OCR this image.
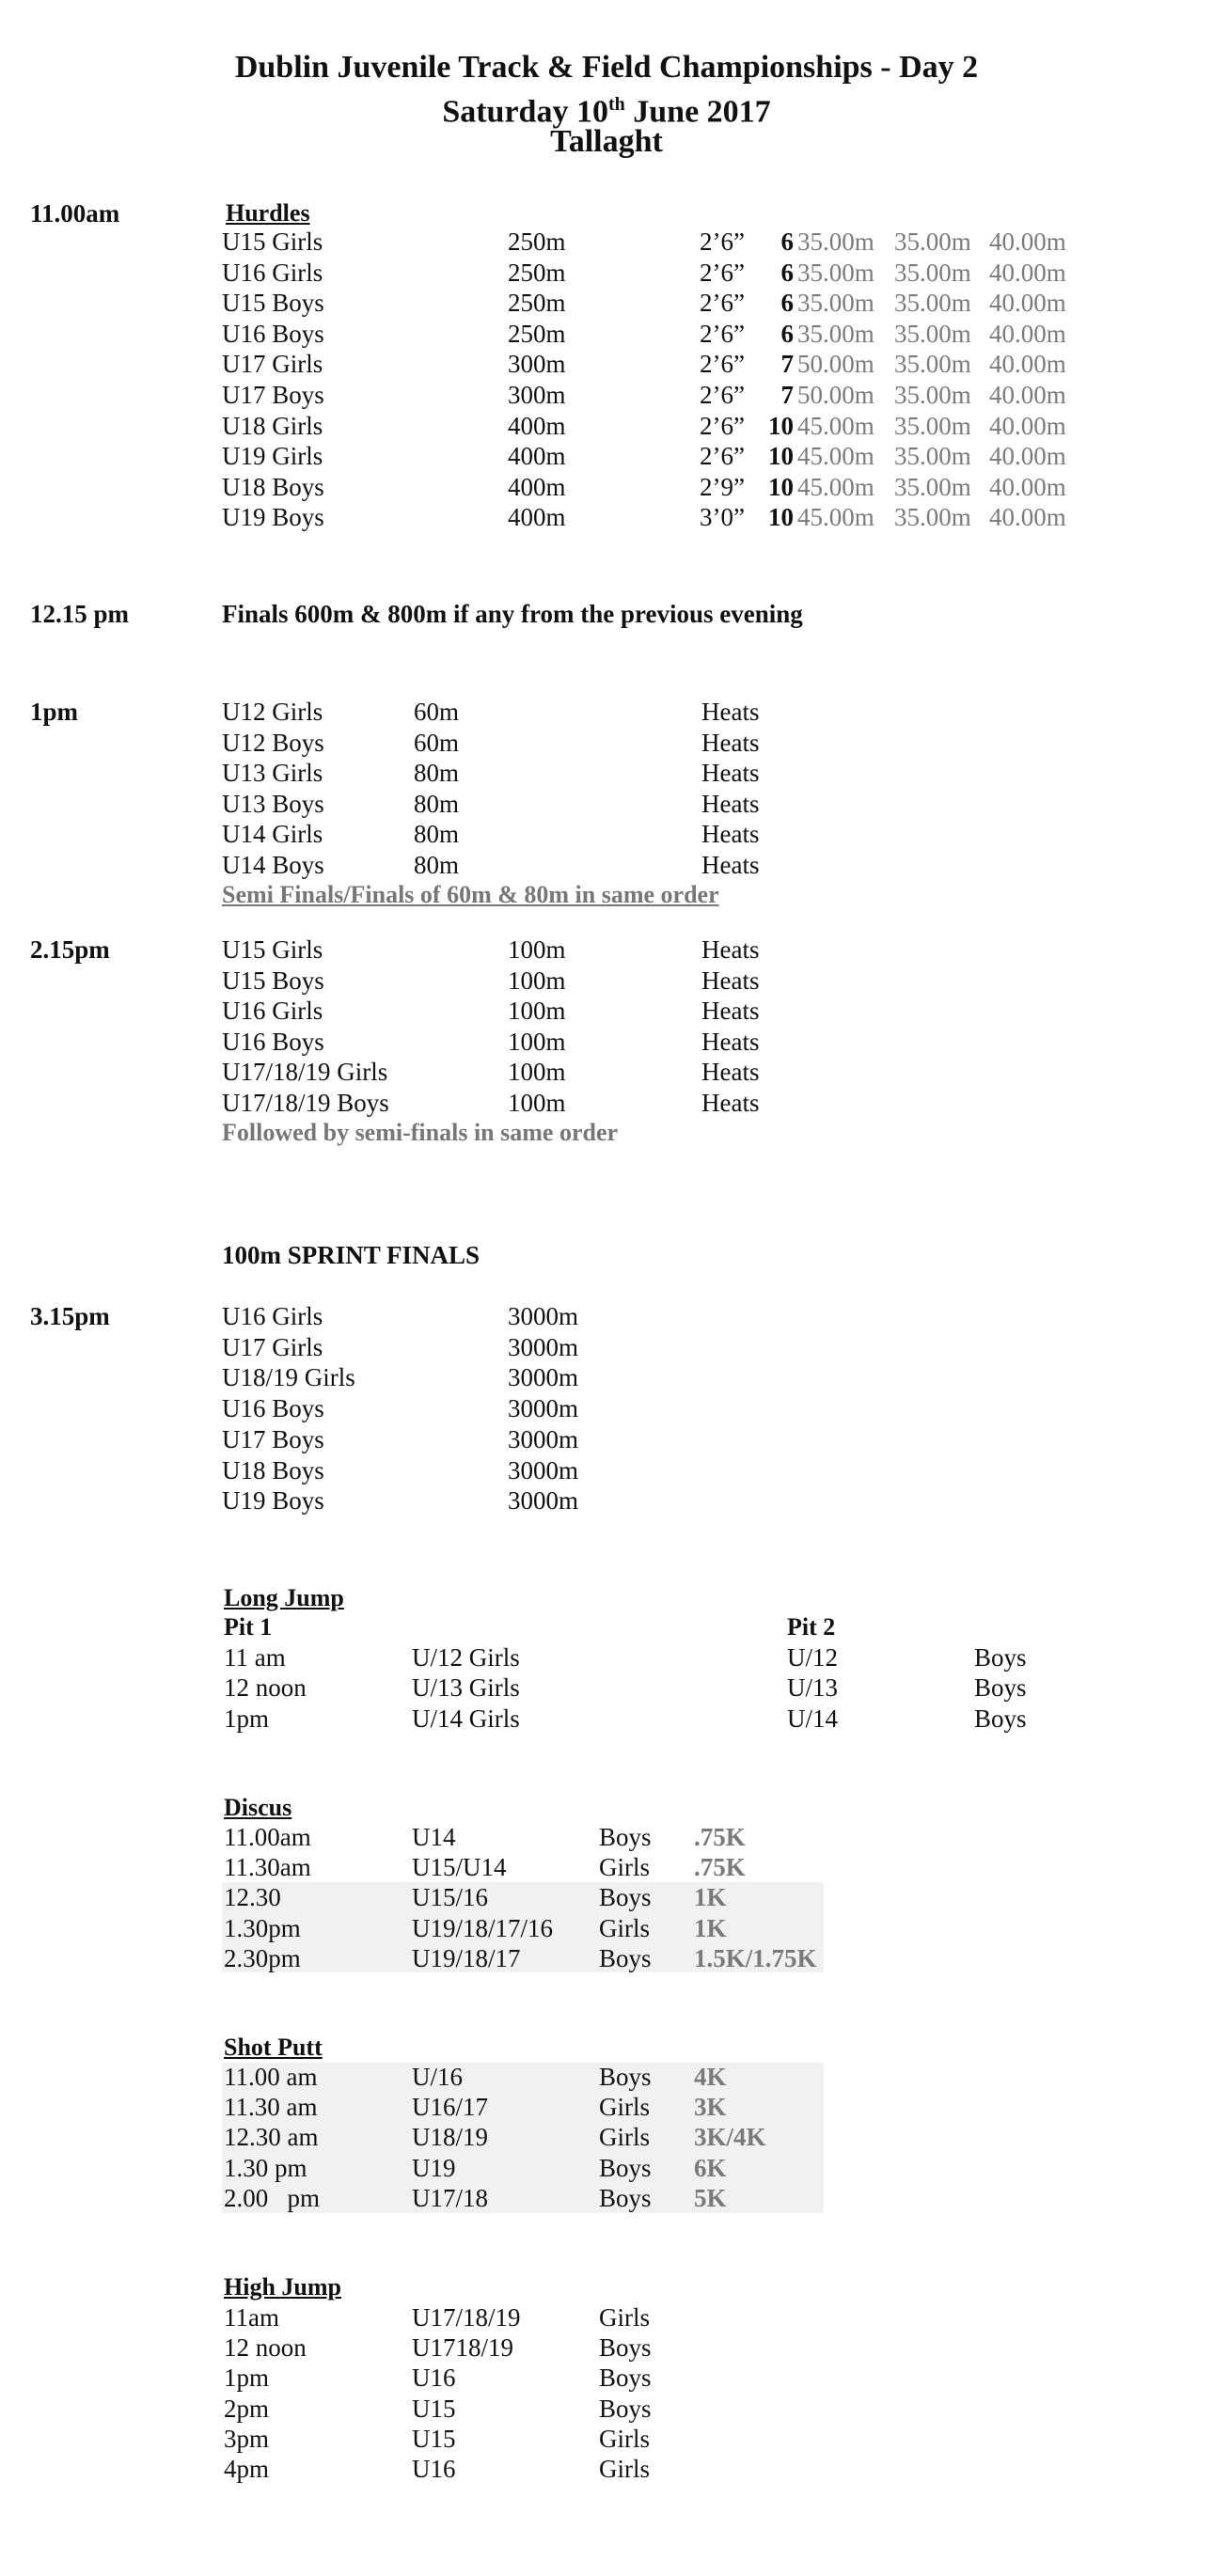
Dublin Juvenile Track & Field Championships - Day 2
Saturday 10th June 2017
Tallaght
11.00am	Hurdles
U15 Girls	250m	2’6”	6 35.00m 35.00m 40.00m
U16 Girls	250m	2’6”	6 35.00m 35.00m 40.00m
U15 Boys	250m	2’6”	6 35.00m 35.00m 40.00m
U16 Boys	250m	2’6”	6 35.00m 35.00m 40.00m
U17 Girls	300m	2’6”	7 50.00m 35.00m 40.00m
U17 Boys	300m	2’6”	7 50.00m 35.00m 40.00m
U18 Girls	400m	2’6” 10 45.00m 35.00m 40.00m
U19 Girls	400m	2’6” 10 45.00m 35.00m 40.00m
U18 Boys	400m	2’9” 10 45.00m 35.00m 40.00m
U19 Boys	400m	3’0” 10 45.00m 35.00m 40.00m
12.15 pm	Finals 600m & 800m if any from the previous evening
1pm	U12 Girls	60m	Heats
U12 Boys	60m	Heats
U13 Girls	80m	Heats
U13 Boys	80m	Heats
U14 Girls	80m	Heats
U14 Boys	80m	Heats
Semi Finals/Finals of 60m & 80m in same order
2.15pm	U15 Girls	100m	Heats
U15 Boys	100m	Heats
U16 Girls	100m	Heats
U16 Boys	100m	Heats
U17/18/19 Girls	100m	Heats
U17/18/19 Boys	100m	Heats
Followed by semi-finals in same order
100m SPRINT FINALS
3.15pm	U16 Girls	3000m
U17 Girls	3000m
U18/19 Girls	3000m
U16 Boys	3000m
U17 Boys	3000m
U18 Boys	3000m
U19 Boys	3000m
Long Jump
Pit 1	Pit 2
11 am	U/12 Girls	U/12	Boys
12 noon	U/13 Girls	U/13	Boys
1pm	U/14 Girls	U/14	Boys
Discus
11.00am	U14	Boys .75K
11.30am	U15/U14	Girls .75K
12.30	U15/16	Boys 1K
1.30pm	U19/18/17/16 Girls 1K
2.30pm	U19/18/17	Boys 1.5K/1.75K
Shot Putt
11.00 am	U/16	Boys 4K
11.30 am	U16/17	Girls 3K
12.30 am	U18/19	Girls 3K/4K
1.30 pm	U19	Boys 6K
2.00   pm	U17/18	Boys 5K
High Jump
11am	U17/18/19	Girls
12 noon	U1718/19	Boys
1pm	U16	Boys
2pm	U15	Boys
3pm	U15	Girls
4pm	U16	Girls
